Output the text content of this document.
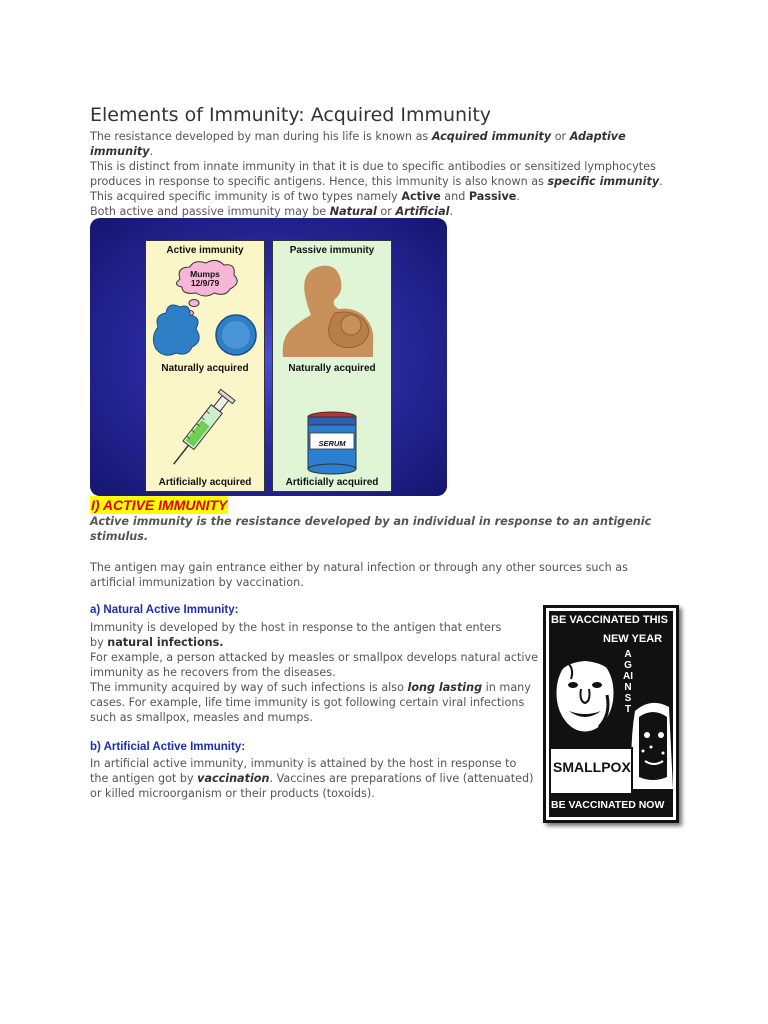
Elements of Immunity: Acquired Immunity

The resistance developed by man during his life is known as Acquired immunity or Adaptive

immunity.

This is distinct from innate immunity in that it is due to specific antibodies or sensitized lymphocytes

produces in response to specific antigens. Hence, this immunity is also known as specific immunity.

This acquired specific immunity is of two types namely Active and Passive.

Both active and passive immunity may be Natural or Artificial.

Active immunity
Mumps
12/9/79
Naturally acquired
Artificially acquired
Passive immunity
Naturally acquired
SERUM
Artificially acquired
I) ACTIVE IMMUNITY

Active immunity is the resistance developed by an individual in response to an antigenic
stimulus.

The antigen may gain entrance either by natural infection or through any other sources such as

artificial immunization by vaccination.

a) Natural Active Immunity:

Immunity is developed by the host in response to the antigen that enters

by natural infections.

For example, a person attacked by measles or smallpox develops natural active

immunity as he recovers from the diseases.

The immunity acquired by way of such infections is also long lasting in many

cases. For example, life time immunity is got following certain viral infections

such as smallpox, measles and mumps.

b) Artificial Active Immunity:

In artificial active immunity, immunity is attained by the host in response to

the antigen got by vaccination. Vaccines are preparations of live (attenuated)

or killed microorganism or their products (toxoids).

BE VACCINATED THIS
NEW YEAR
AGAINST
SMALLPOX
BE VACCINATED NOW
